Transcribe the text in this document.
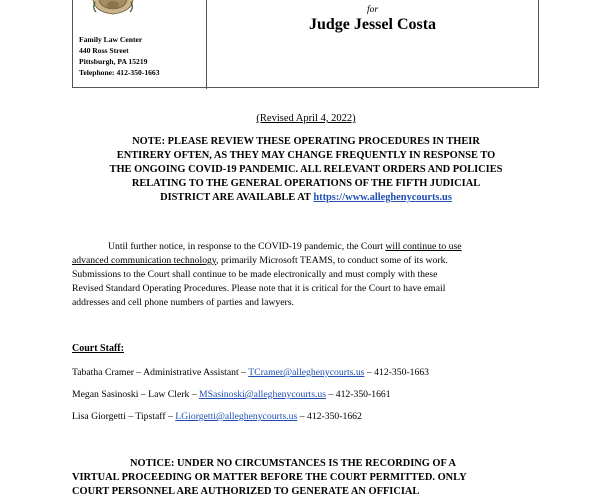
Family Law Center
440 Ross Street
Pittsburgh, PA 15219
Telephone: 412-350-1663
for
Judge Jessel Costa
(Revised April 4, 2022)
NOTE: PLEASE REVIEW THESE OPERATING PROCEDURES IN THEIR
ENTIRERY OFTEN, AS THEY MAY CHANGE FREQUENTLY IN RESPONSE TO
THE ONGOING COVID-19 PANDEMIC. ALL RELEVANT ORDERS AND POLICIES
RELATING TO THE GENERAL OPERATIONS OF THE FIFTH JUDICIAL
DISTRICT ARE AVAILABLE AT https://www.alleghenycourts.us
Until further notice, in response to the COVID-19 pandemic, the Court will continue to use
advanced communication technology, primarily Microsoft TEAMS, to conduct some of its work.
Submissions to the Court shall continue to be made electronically and must comply with these
Revised Standard Operating Procedures. Please note that it is critical for the Court to have email
addresses and cell phone numbers of parties and lawyers.
Court Staff:
Tabatha Cramer – Administrative Assistant – TCramer@alleghenycourts.us – 412-350-1663
Megan Sasinoski – Law Clerk – MSasinoski@alleghenycourts.us – 412-350-1661
Lisa Giorgetti – Tipstaff – LGiorgetti@alleghenycourts.us – 412-350-1662
NOTICE: UNDER NO CIRCUMSTANCES IS THE RECORDING OF A
VIRTUAL PROCEEDING OR MATTER BEFORE THE COURT PERMITTED. ONLY
COURT PERSONNEL ARE AUTHORIZED TO GENERATE AN OFFICIAL
